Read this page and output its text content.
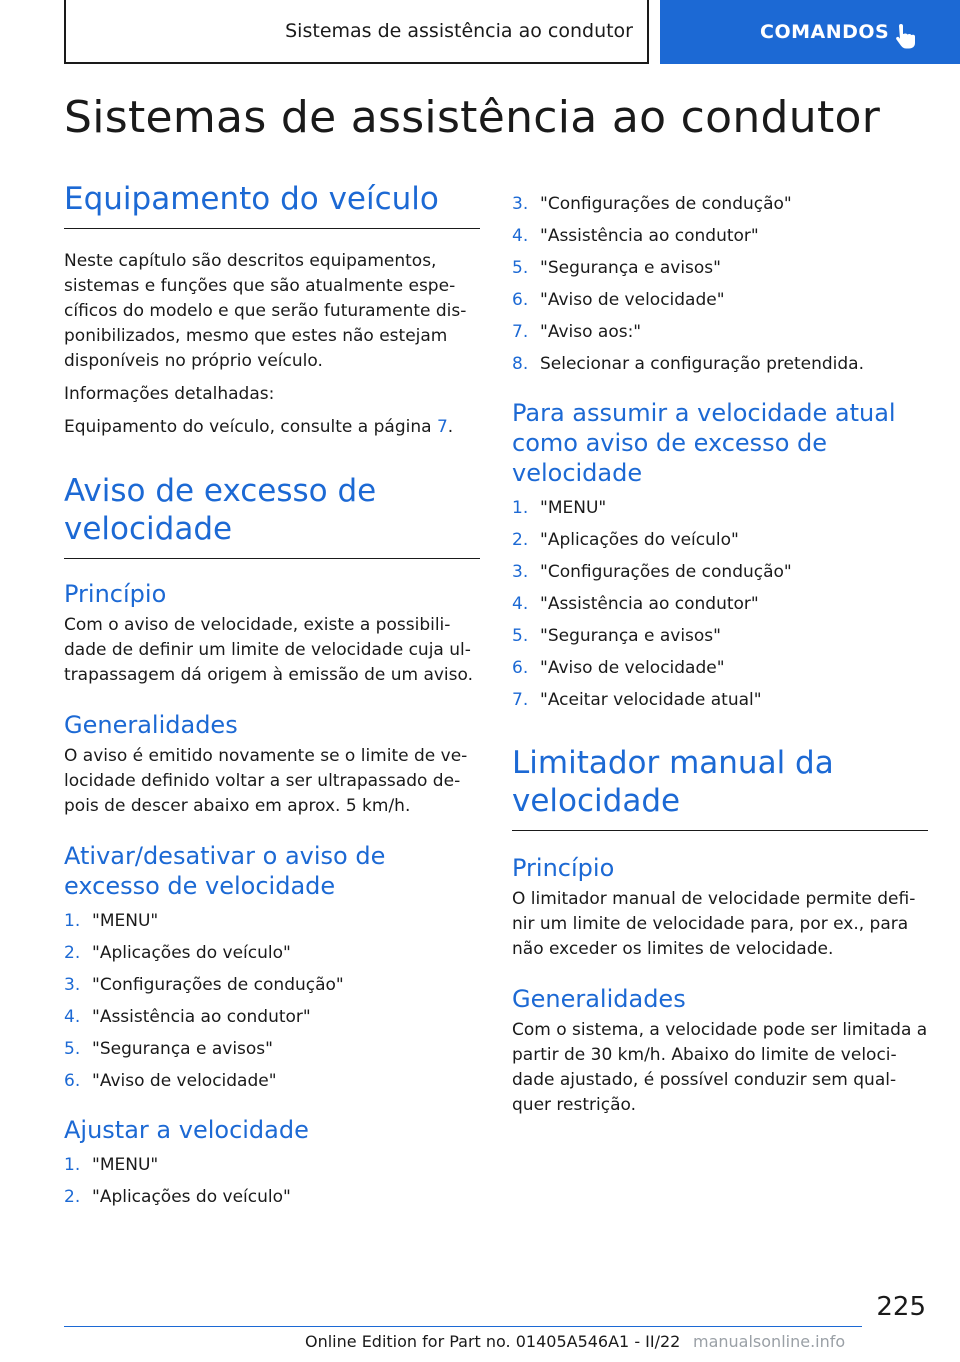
Sistemas de assistência ao condutor	COMANDOS
Sistemas de assistência ao condutor
Equipamento do veículo

Neste capítulo são descritos equipamentos, sistemas e funções que são atualmente específicos do modelo e que serão futuramente disponibilizados, mesmo que estes não estejam disponíveis no próprio veículo.

Informações detalhadas:

Equipamento do veículo, consulte a página 7.

Aviso de excesso de velocidade
Princípio

Com o aviso de velocidade, existe a possibilidade de definir um limite de velocidade cuja ultrapassagem dá origem à emissão de um aviso.

Generalidades

O aviso é emitido novamente se o limite de velocidade definido voltar a ser ultrapassado depois de descer abaixo em aprox. 5 km/h.

Ativar/desativar o aviso de excesso de velocidade
1. "MENU"
2. "Aplicações do veículo"
3. "Configurações de condução"
4. "Assistência ao condutor"
5. "Segurança e avisos"
6. "Aviso de velocidade"
Ajustar a velocidade
1. "MENU"
2. "Aplicações do veículo"
3. "Configurações de condução"
4. "Assistência ao condutor"
5. "Segurança e avisos"
6. "Aviso de velocidade"
7. "Aviso aos:"
8. Selecionar a configuração pretendida.
Para assumir a velocidade atual como aviso de excesso de velocidade
1. "MENU"
2. "Aplicações do veículo"
3. "Configurações de condução"
4. "Assistência ao condutor"
5. "Segurança e avisos"
6. "Aviso de velocidade"
7. "Aceitar velocidade atual"
Limitador manual da velocidade
Princípio

O limitador manual de velocidade permite definir um limite de velocidade para, por ex., para não exceder os limites de velocidade.

Generalidades

Com o sistema, a velocidade pode ser limitada a partir de 30 km/h. Abaixo do limite de velocidade ajustado, é possível conduzir sem qualquer restrição.

225
Online Edition for Part no. 01405A546A1 - II/22 manualsonline.info
